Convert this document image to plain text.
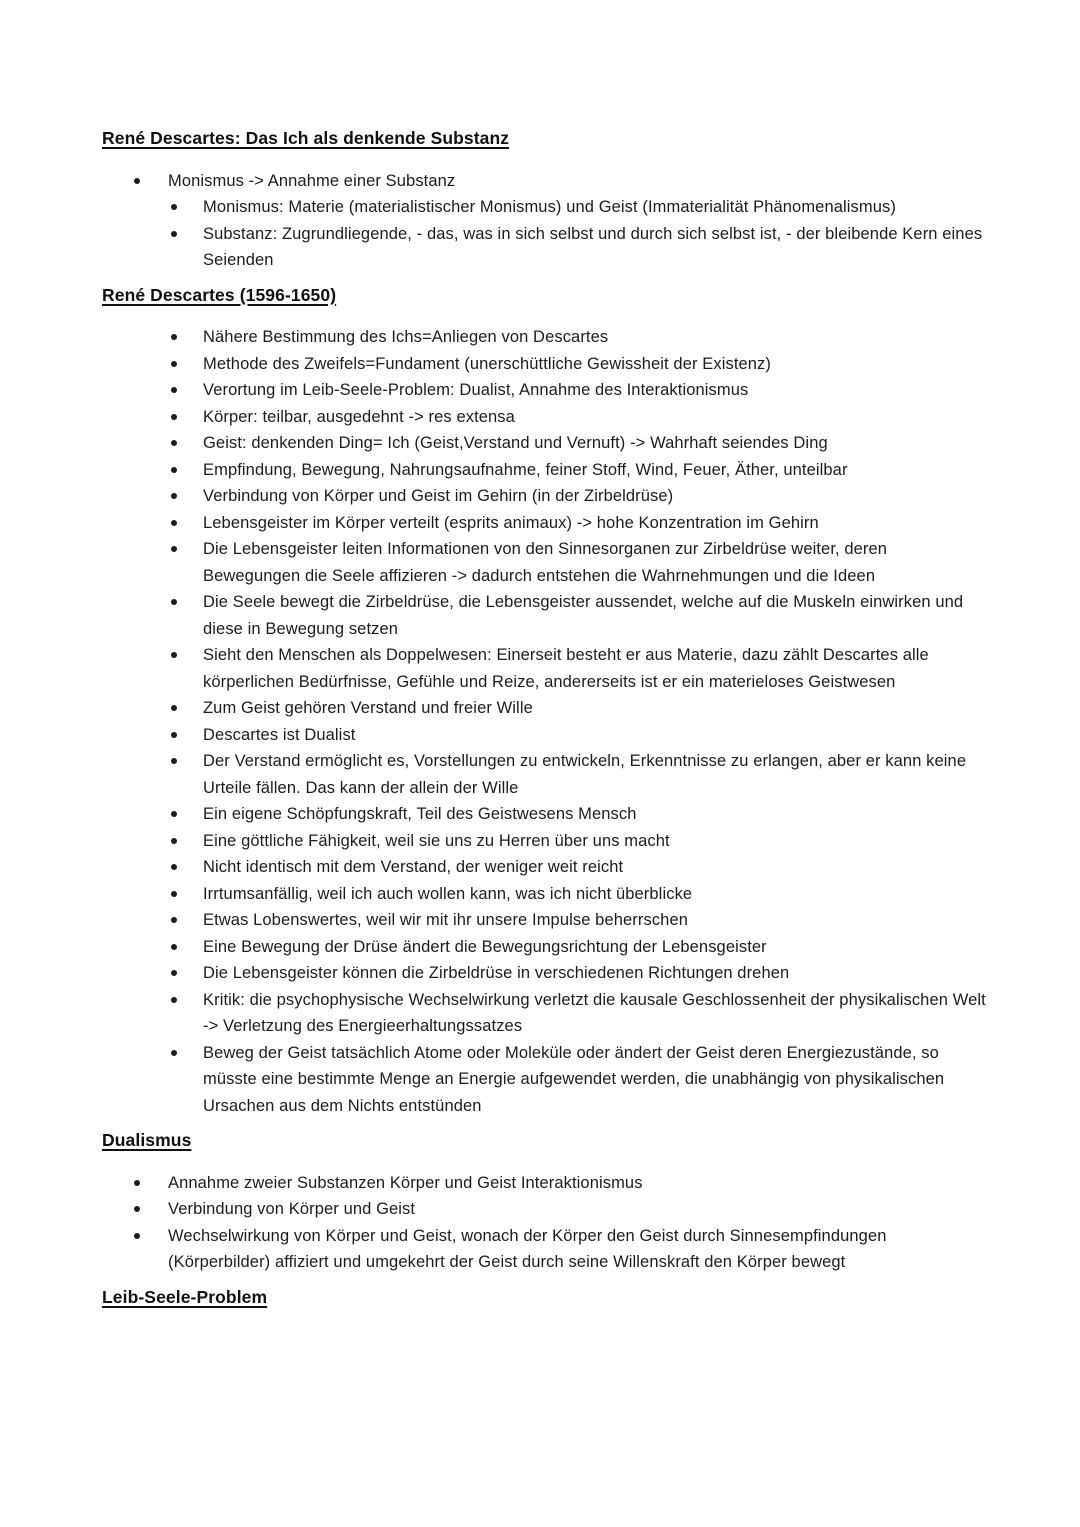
René Descartes: Das Ich als denkende Substanz
Monismus -> Annahme einer Substanz
Monismus: Materie (materialistischer Monismus) und Geist (Immaterialität Phänomenalismus)
Substanz: Zugrundliegende, - das, was in sich selbst und durch sich selbst ist, - der bleibende Kern eines Seienden
René Descartes (1596-1650)
Nähere Bestimmung des Ichs=Anliegen von Descartes
Methode des Zweifels=Fundament (unerschüttliche Gewissheit der Existenz)
Verortung im Leib-Seele-Problem: Dualist, Annahme des Interaktionismus
Körper: teilbar, ausgedehnt -> res extensa
Geist: denkenden Ding= Ich (Geist,Verstand und Vernuft) -> Wahrhaft seiendes Ding
Empfindung, Bewegung, Nahrungsaufnahme, feiner Stoff, Wind, Feuer, Äther, unteilbar
Verbindung von Körper und Geist im Gehirn (in der Zirbeldrüse)
Lebensgeister im Körper verteilt (esprits animaux) -> hohe Konzentration im Gehirn
Die Lebensgeister leiten Informationen von den Sinnesorganen zur Zirbeldrüse weiter, deren Bewegungen die Seele affizieren -> dadurch entstehen die Wahrnehmungen und die Ideen
Die Seele bewegt die Zirbeldrüse, die Lebensgeister aussendet, welche auf die Muskeln einwirken und diese in Bewegung setzen
Sieht den Menschen als Doppelwesen: Einerseit besteht er aus Materie, dazu zählt Descartes alle körperlichen Bedürfnisse, Gefühle und Reize, andererseits ist er ein materieloses Geistwesen
Zum Geist gehören Verstand und freier Wille
Descartes ist Dualist
Der Verstand ermöglicht es, Vorstellungen zu entwickeln, Erkenntnisse zu erlangen, aber er kann keine Urteile fällen. Das kann der allein der Wille
Ein eigene Schöpfungskraft, Teil des Geistwesens Mensch
Eine göttliche Fähigkeit, weil sie uns zu Herren über uns macht
Nicht identisch mit dem Verstand, der weniger weit reicht
Irrtumsanfällig, weil ich auch wollen kann, was ich nicht überblicke
Etwas Lobenswertes, weil wir mit ihr unsere Impulse beherrschen
Eine Bewegung der Drüse ändert die Bewegungsrichtung der Lebensgeister
Die Lebensgeister können die Zirbeldrüse in verschiedenen Richtungen drehen
Kritik: die psychophysische Wechselwirkung verletzt die kausale Geschlossenheit der physikalischen Welt -> Verletzung des Energieerhaltungssatzes
Beweg der Geist tatsächlich Atome oder Moleküle oder ändert der Geist deren Energiezustände, so müsste eine bestimmte Menge an Energie aufgewendet werden, die unabhängig von physikalischen Ursachen aus dem Nichts entstünden
Dualismus
Annahme zweier Substanzen Körper und Geist Interaktionismus
Verbindung von Körper und Geist
Wechselwirkung von Körper und Geist, wonach der Körper den Geist durch Sinnesempfindungen (Körperbilder) affiziert und umgekehrt der Geist durch seine Willenskraft den Körper bewegt
Leib-Seele-Problem
